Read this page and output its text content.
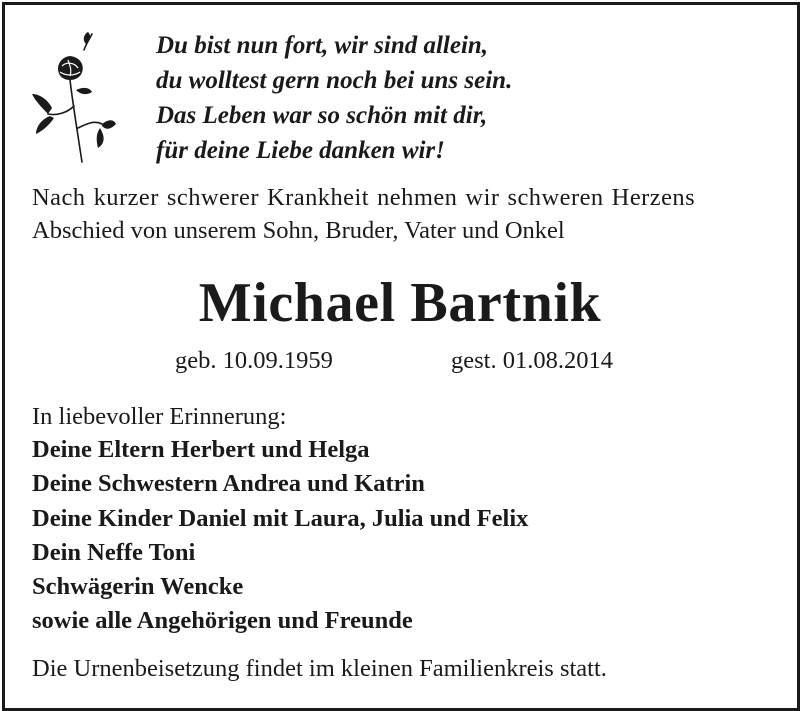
Du bist nun fort, wir sind allein,
du wolltest gern noch bei uns sein.
Das Leben war so schön mit dir,
für deine Liebe danken wir!
Nach kurzer schwerer Krankheit nehmen wir schweren Herzens
Abschied von unserem Sohn, Bruder, Vater und Onkel
Michael Bartnik
geb. 10.09.1959	gest. 01.08.2014
In liebevoller Erinnerung:
Deine Eltern Herbert und Helga
Deine Schwestern Andrea und Katrin
Deine Kinder Daniel mit Laura, Julia und Felix
Dein Neffe Toni
Schwägerin Wencke
sowie alle Angehörigen und Freunde
Die Urnenbeisetzung findet im kleinen Familienkreis statt.
